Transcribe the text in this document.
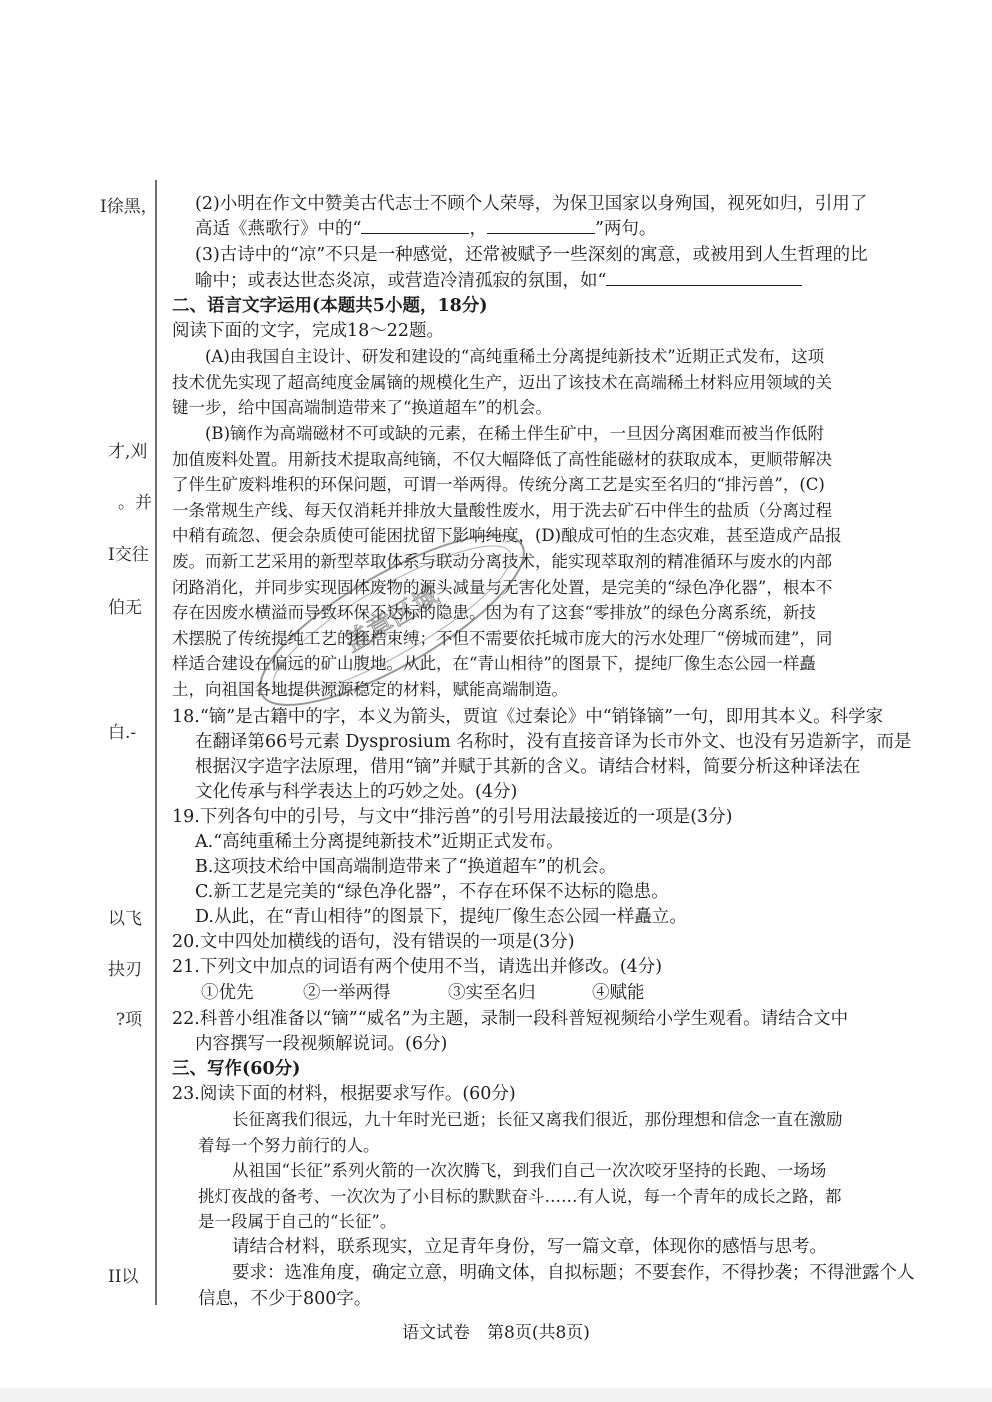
I徐黑，
才,刈
。并
I交往
伯无
白.-
以飞
抉刃
?项
II以
(2)小明在作文中赞美古代志士不顾个人荣辱，为保卫国家以身殉国，视死如归，引用了
高适《燕歌行》中的“	，	”两句。
(3)古诗中的“凉”不只是一种感觉，还常被赋予一些深刻的寓意，或被用到人生哲理的比
喻中；或表达世态炎凉，或营造冷清孤寂的氛围，如“
二、语言文字运用(本题共5小题，18分)
阅读下面的文字，完成18～22题。
(A)由我国自主设计、研发和建设的“高纯重稀土分离提纯新技术”近期正式发布，这项
技术优先实现了超高纯度金属镝的规模化生产，迈出了该技术在高端稀土材料应用领域的关
键一步，给中国高端制造带来了“换道超车”的机会。
(B)镝作为高端磁材不可或缺的元素，在稀土伴生矿中，一旦因分离困难而被当作低附
加值废料处置。用新技术提取高纯镝，不仅大幅降低了高性能磁材的获取成本，更顺带解决
了伴生矿废料堆积的环保问题，可谓一举两得。传统分离工艺是实至名归的“排污兽”，(C)
一条常规生产线、每天仅消耗并排放大量酸性废水，用于洗去矿石中伴生的盐质（分离过程
中稍有疏忽、便会杂质使可能困扰留下影响纯度，(D)酿成可怕的生态灾难，甚至造成产品报
废。而新工艺采用的新型萃取体系与联动分离技术，能实现萃取剂的精准循环与废水的内部
闭路消化，并同步实现固体废物的源头减量与无害化处置，是完美的“绿色净化器”，根本不
存在因废水横溢而导致环保不达标的隐患。因为有了这套“零排放”的绿色分离系统，新技
术摆脱了传统提纯工艺的桎梏束缚；不但不需要依托城市庞大的污水处理厂“傍城而建”，同
样适合建设在偏远的矿山腹地。从此，在“青山相待”的图景下，提纯厂像生态公园一样矗
土，向祖国各地提供源源稳定的材料，赋能高端制造。
18.“镝”是古籍中的字，本义为箭头，贾谊《过秦论》中“销锋镝”一句，即用其本义。科学家
在翻译第66号元素 Dysprosium 名称时，没有直接音译为长市外文、也没有另造新字，而是
根据汉字造字法原理，借用“镝”并赋于其新的含义。请结合材料，简要分析这种译法在
文化传承与科学表达上的巧妙之处。(4分)
19.下列各句中的引号，与文中“排污兽”的引号用法最接近的一项是(3分)
A.“高纯重稀土分离提纯新技术”近期正式发布。
B.这项技术给中国高端制造带来了“换道超车”的机会。
C.新工艺是完美的“绿色净化器”，不存在环保不达标的隐患。
D.从此，在“青山相待”的图景下，提纯厂像生态公园一样矗立。
20.文中四处加横线的语句，没有错误的一项是(3分)
21.下列文中加点的词语有两个使用不当，请选出并修改。(4分)
①优先	②一举两得	③实至名归	④赋能
22.科普小组准备以“镝”“威名”为主题，录制一段科普短视频给小学生观看。请结合文中
内容撰写一段视频解说词。(6分)
三、写作(60分)
23.阅读下面的材料，根据要求写作。(60分)
长征离我们很远，九十年时光已逝；长征又离我们很近，那份理想和信念一直在激励
着每一个努力前行的人。
从祖国“长征”系列火箭的一次次腾飞，到我们自己一次次咬牙坚持的长跑、一场场
挑灯夜战的备考、一次次为了小目标的默默奋斗……有人说，每一个青年的成长之路，都
是一段属于自己的“长征”。
请结合材料，联系现实，立足青年身份，写一篇文章，体现你的感悟与思考。
要求：选准角度，确定立意，明确文体，自拟标题；不要套作，不得抄袭；不得泄露个人
信息，不少于800字。
盖章区域
语文试卷　第8页(共8页)
